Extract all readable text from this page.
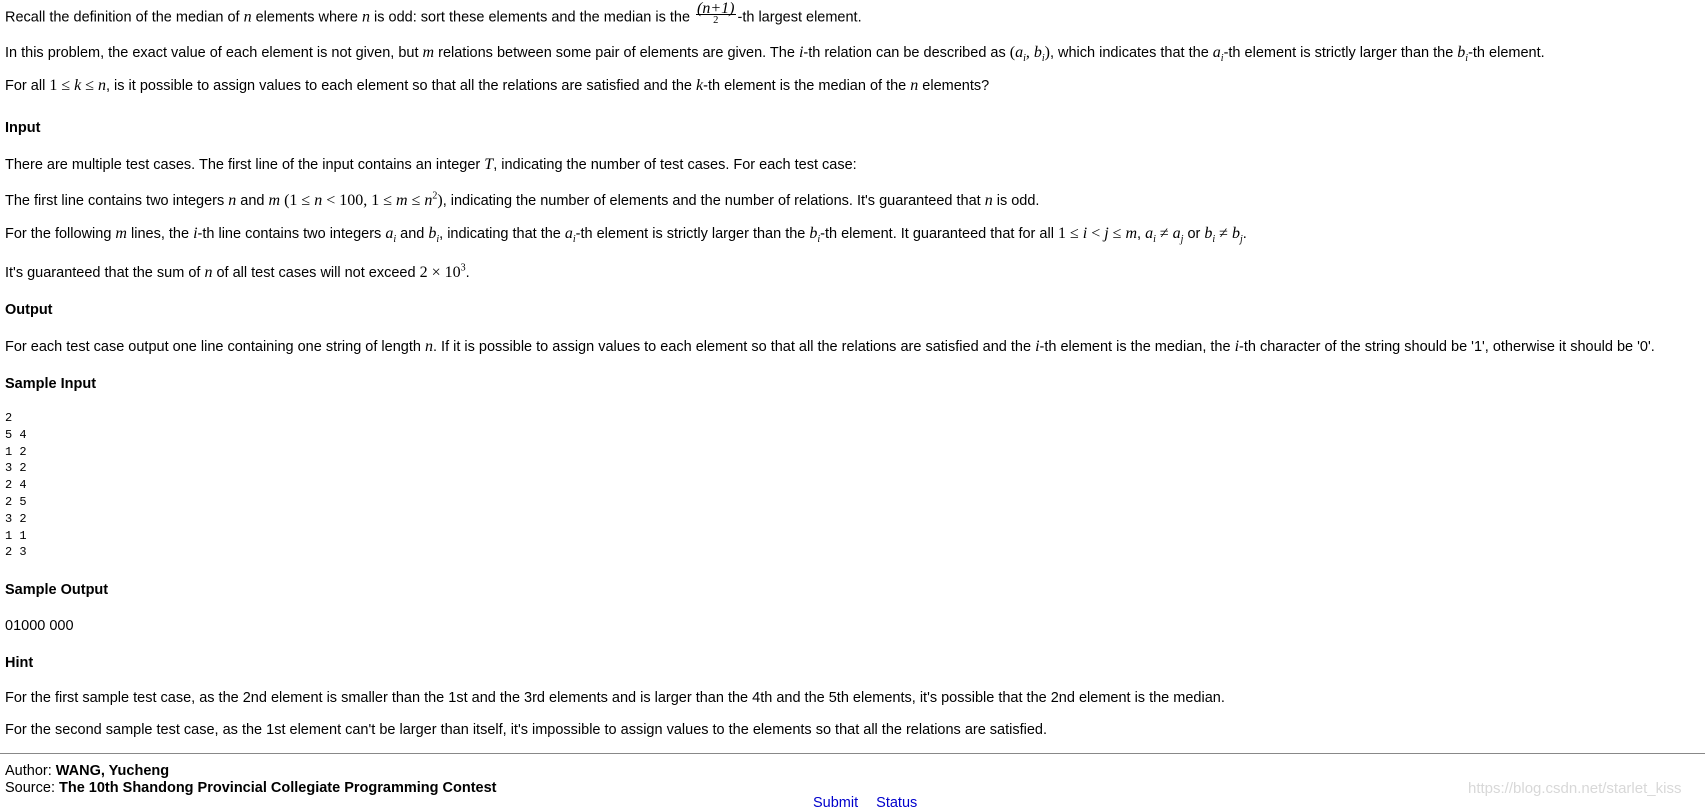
Recall the definition of the median of n elements where n is odd: sort these elements and the median is the $\frac{(n+1)}{2} -th$ largest element.

In this problem, the exact value of each element is not given, but m relations between some pair of elements are given. The i-th relation can be described as ($a_i$, $b_i$), which indicates that the $a_i-th$ element is strictly larger than the $b_i-th$ element.

For all 1 ≤ k ≤ n, is it possible to assign values to each element so that all the relations are satisfied and the k-th element is the median of the n elements?

Input

There are multiple test cases. The first line of the input contains an integer T, indicating the number of test cases. For each test case:

The first line contains two integers n and m (1 ≤ n < 100, $1 \le m \le n^2$), indicating the number of elements and the number of relations. It's guaranteed that n is odd.

For the following m lines, the i-th line contains two integers $a_i$ and $b_i$, indicating that the $a_i-th$ element is strictly larger than the $b_i-th$ element. It guaranteed that for all 1 ≤ i < j ≤ m, $a_i \ne a_j$ or $b_i \ne b_j$.

It's guaranteed that the sum of n of all test cases will not exceed $2 \times 10^3$.

Output

For each test case output one line containing one string of length n. If it is possible to assign values to each element so that all the relations are satisfied and the i-th element is the median, the i-th character of the string should be '1', otherwise it should be '0'.

Sample Input
2
5 4
1 2
3 2
2 4
2 5
3 2
1 1
2 3
Sample Output

01000 000

Hint

For the first sample test case, as the 2nd element is smaller than the 1st and the 3rd elements and is larger than the 4th and the 5th elements, it's possible that the 2nd element is the median.

For the second sample test case, as the 1st element can't be larger than itself, it's impossible to assign values to the elements so that all the relations are satisfied.

Author: WANG, Yucheng
Source: The 10th Shandong Provincial Collegiate Programming Contest
Submit Status
https://blog.csdn.net/starlet_kiss
